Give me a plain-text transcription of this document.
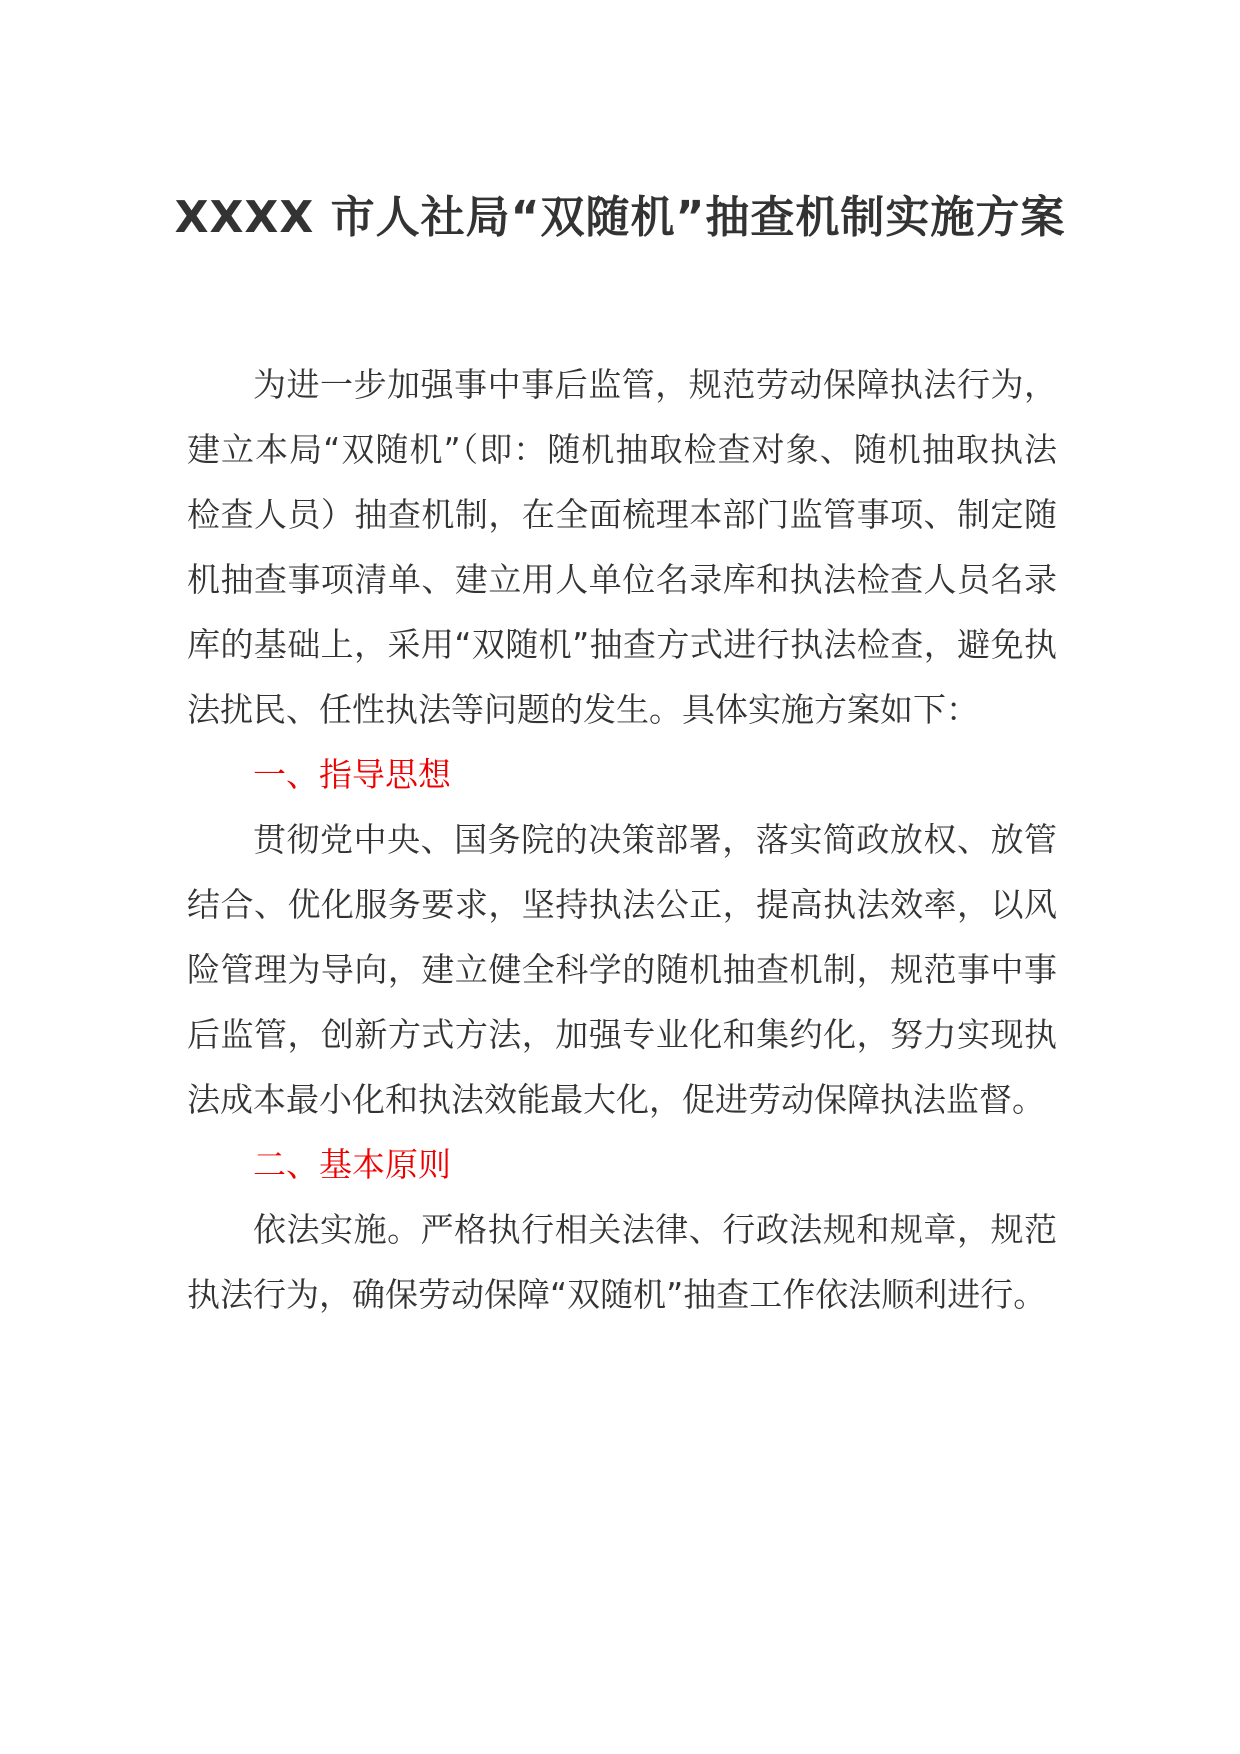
XXXX 市人社局“双随机”抽查机制实施方案

为进一步加强事中事后监管，规范劳动保障执法行为，建立本局“双随机”（即：随机抽取检查对象、随机抽取执法检查人员）抽查机制，在全面梳理本部门监管事项、制定随机抽查事项清单、建立用人单位名录库和执法检查人员名录库的基础上，采用“双随机”抽查方式进行执法检查，避免执法扰民、任性执法等问题的发生。具体实施方案如下：

一、指导思想

贯彻党中央、国务院的决策部署，落实简政放权、放管结合、优化服务要求，坚持执法公正，提高执法效率，以风险管理为导向，建立健全科学的随机抽查机制，规范事中事后监管，创新方式方法，加强专业化和集约化，努力实现执法成本最小化和执法效能最大化，促进劳动保障执法监督。

二、基本原则

依法实施。严格执行相关法律、行政法规和规章，规范执法行为，确保劳动保障“双随机”抽查工作依法顺利进行。
